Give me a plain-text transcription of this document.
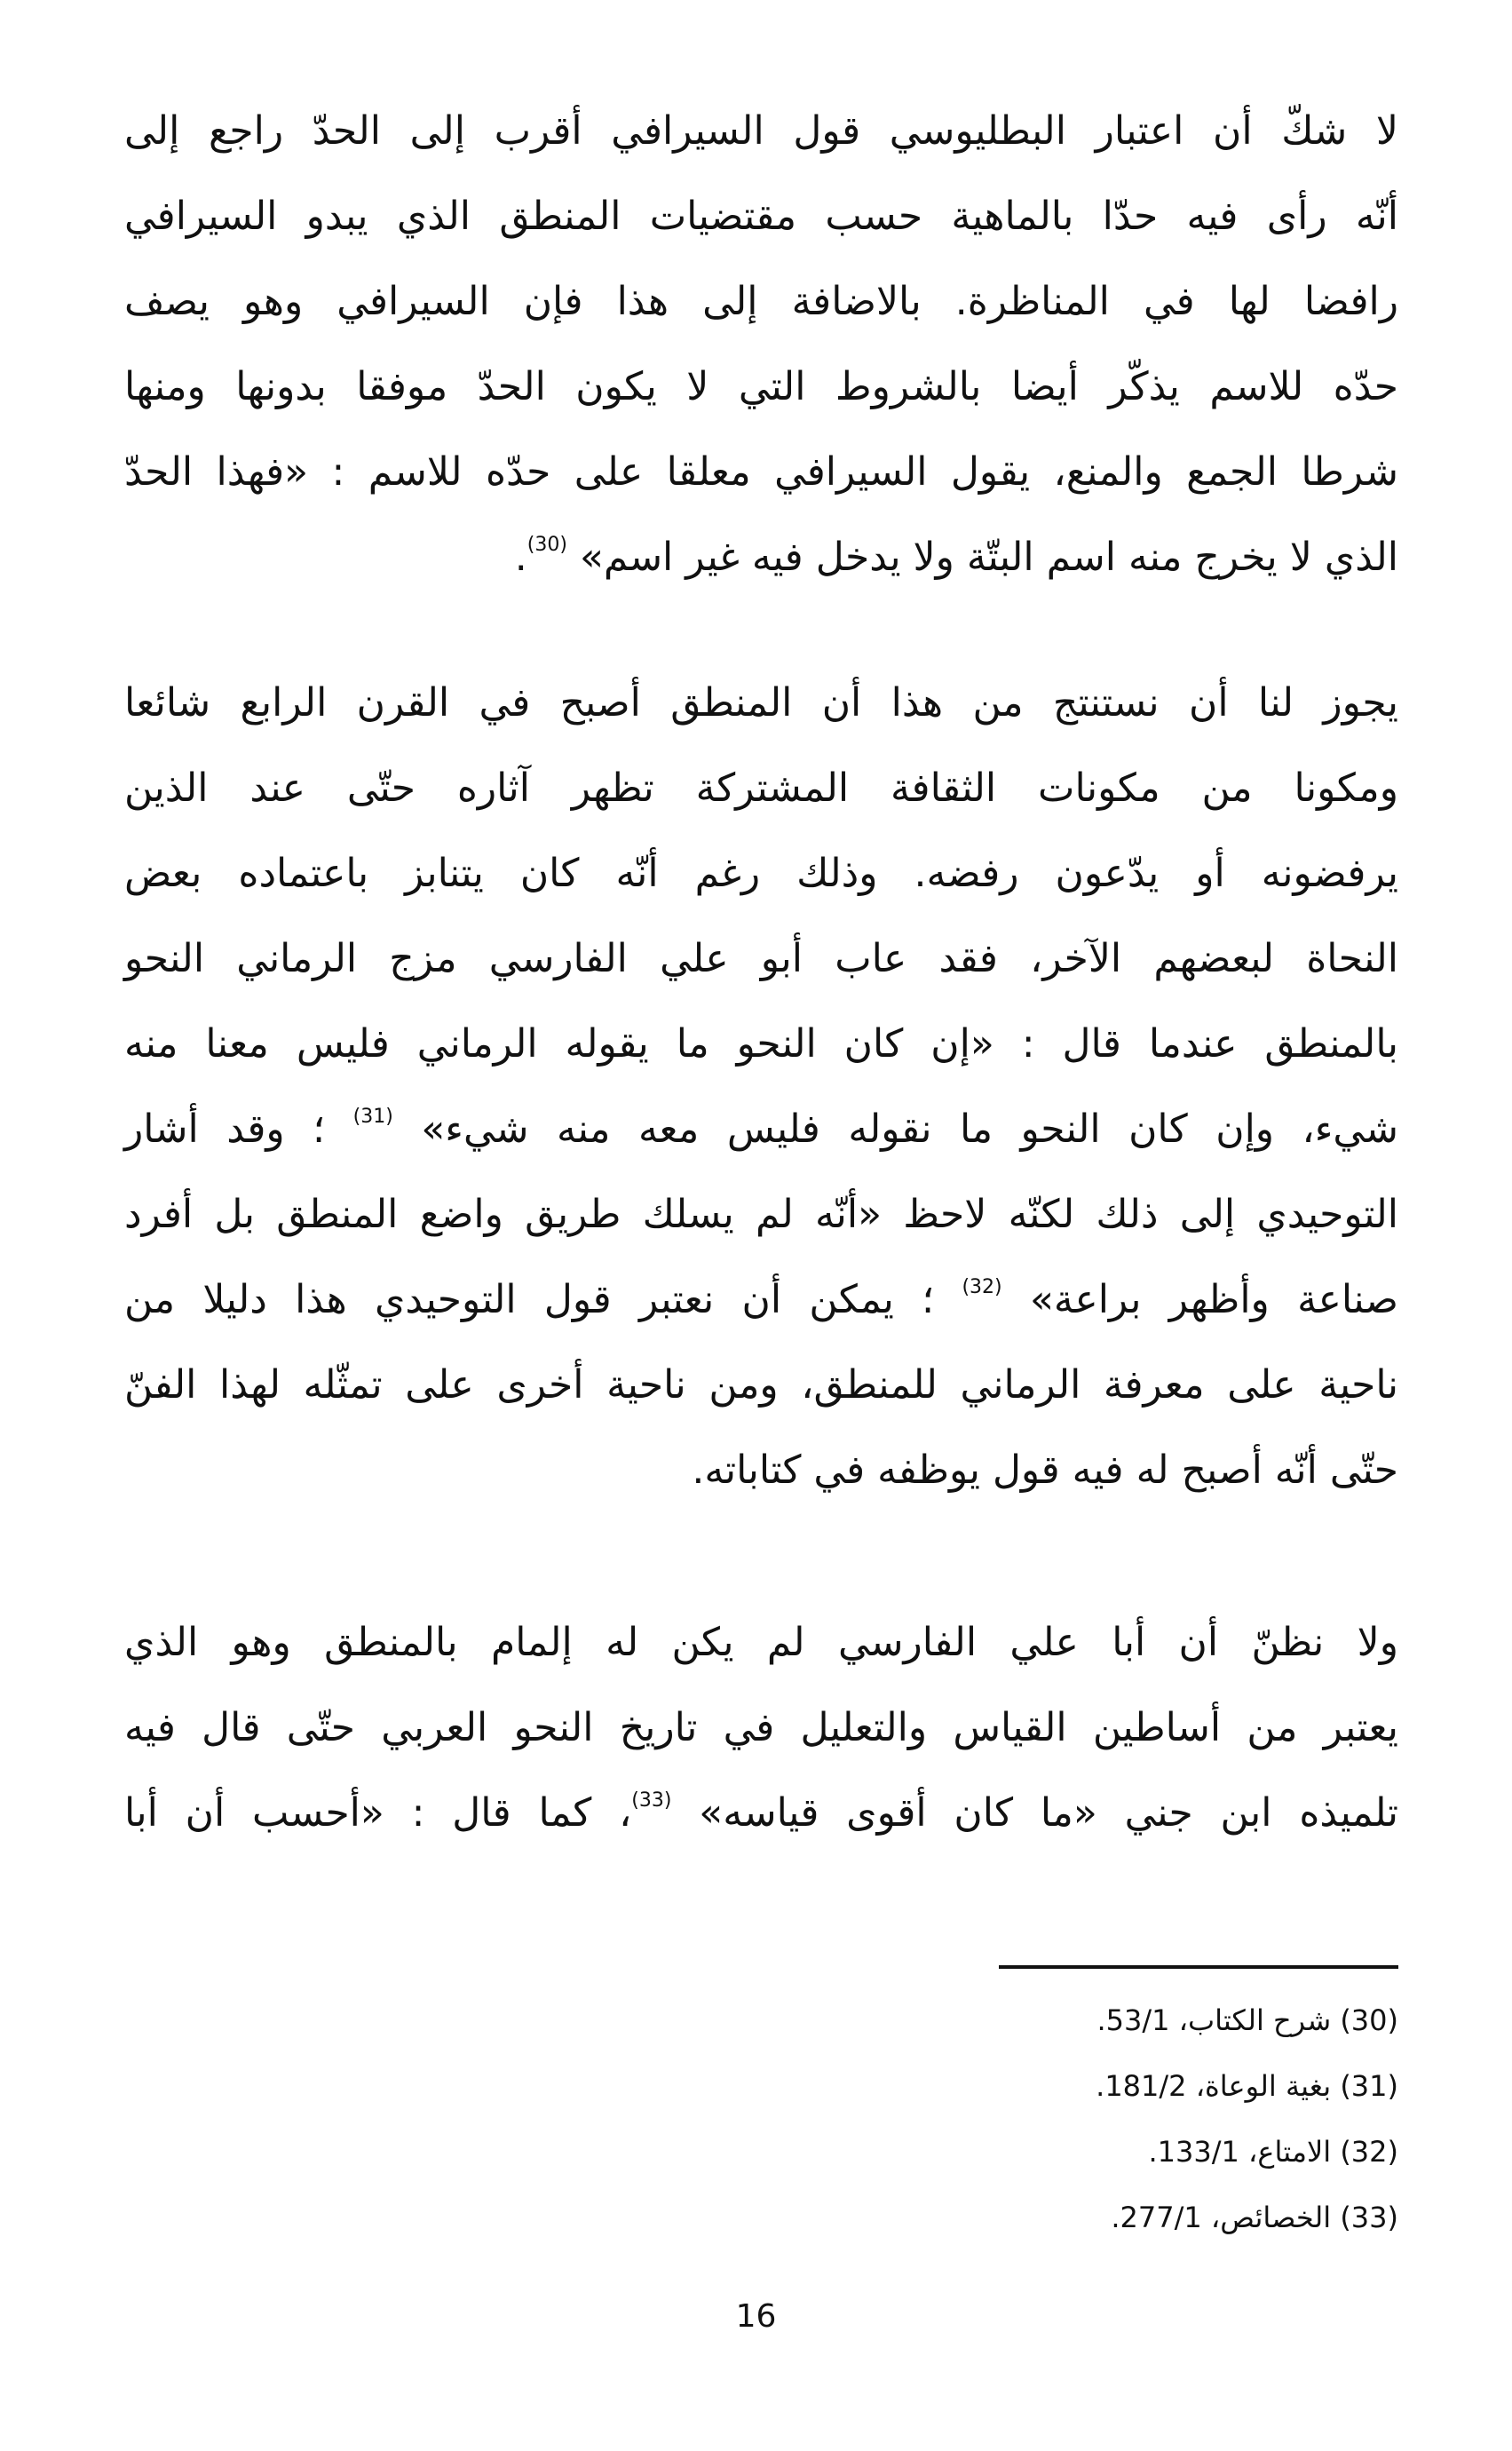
لا شكّ أن اعتبار البطليوسي قول السيرافي أقرب إلى الحدّ راجع إلى
أنّه رأى فيه حدّا بالماهية حسب مقتضيات المنطق الذي يبدو السيرافي
رافضا لها في المناظرة. بالاضافة إلى هذا فإن السيرافي وهو يصف
حدّه للاسم يذكّر أيضا بالشروط التي لا يكون الحدّ موفقا بدونها ومنها
شرطا الجمع والمنع، يقول السيرافي معلقا على حدّه للاسم : «فهذا الحدّ
الذي لا يخرج منه اسم البتّة ولا يدخل فيه غير اسم» $^{(30)}$.
يجوز لنا أن نستنتج من هذا أن المنطق أصبح في القرن الرابع شائعا
ومكونا من مكونات الثقافة المشتركة تظهر آثاره حتّى عند الذين
يرفضونه أو يدّعون رفضه. وذلك رغم أنّه كان يتنابز باعتماده بعض
النحاة لبعضهم الآخر، فقد عاب أبو علي الفارسي مزج الرماني النحو
بالمنطق عندما قال : «إن كان النحو ما يقوله الرماني فليس معنا منه
شيء، وإن كان النحو ما نقوله فليس معه منه شيء» $^{(31)}$ ؛ وقد أشار
التوحيدي إلى ذلك لكنّه لاحظ «أنّه لم يسلك طريق واضع المنطق بل أفرد
صناعة وأظهر براعة» $^{(32)}$ ؛ يمكن أن نعتبر قول التوحيدي هذا دليلا من
ناحية على معرفة الرماني للمنطق، ومن ناحية أخرى على تمثّله لهذا الفنّ
حتّى أنّه أصبح له فيه قول يوظفه في كتاباته.
ولا نظنّ أن أبا علي الفارسي لم يكن له إلمام بالمنطق وهو الذي
يعتبر من أساطين القياس والتعليل في تاريخ النحو العربي حتّى قال فيه
تلميذه ابن جني «ما كان أقوى قياسه» $^{(33)}$، كما قال : «أحسب أن أبا
(30) شرح الكتاب، 53/1.
(31) بغية الوعاة، 181/2.
(32) الامتاع، 133/1.
(33) الخصائص، 277/1.
16
